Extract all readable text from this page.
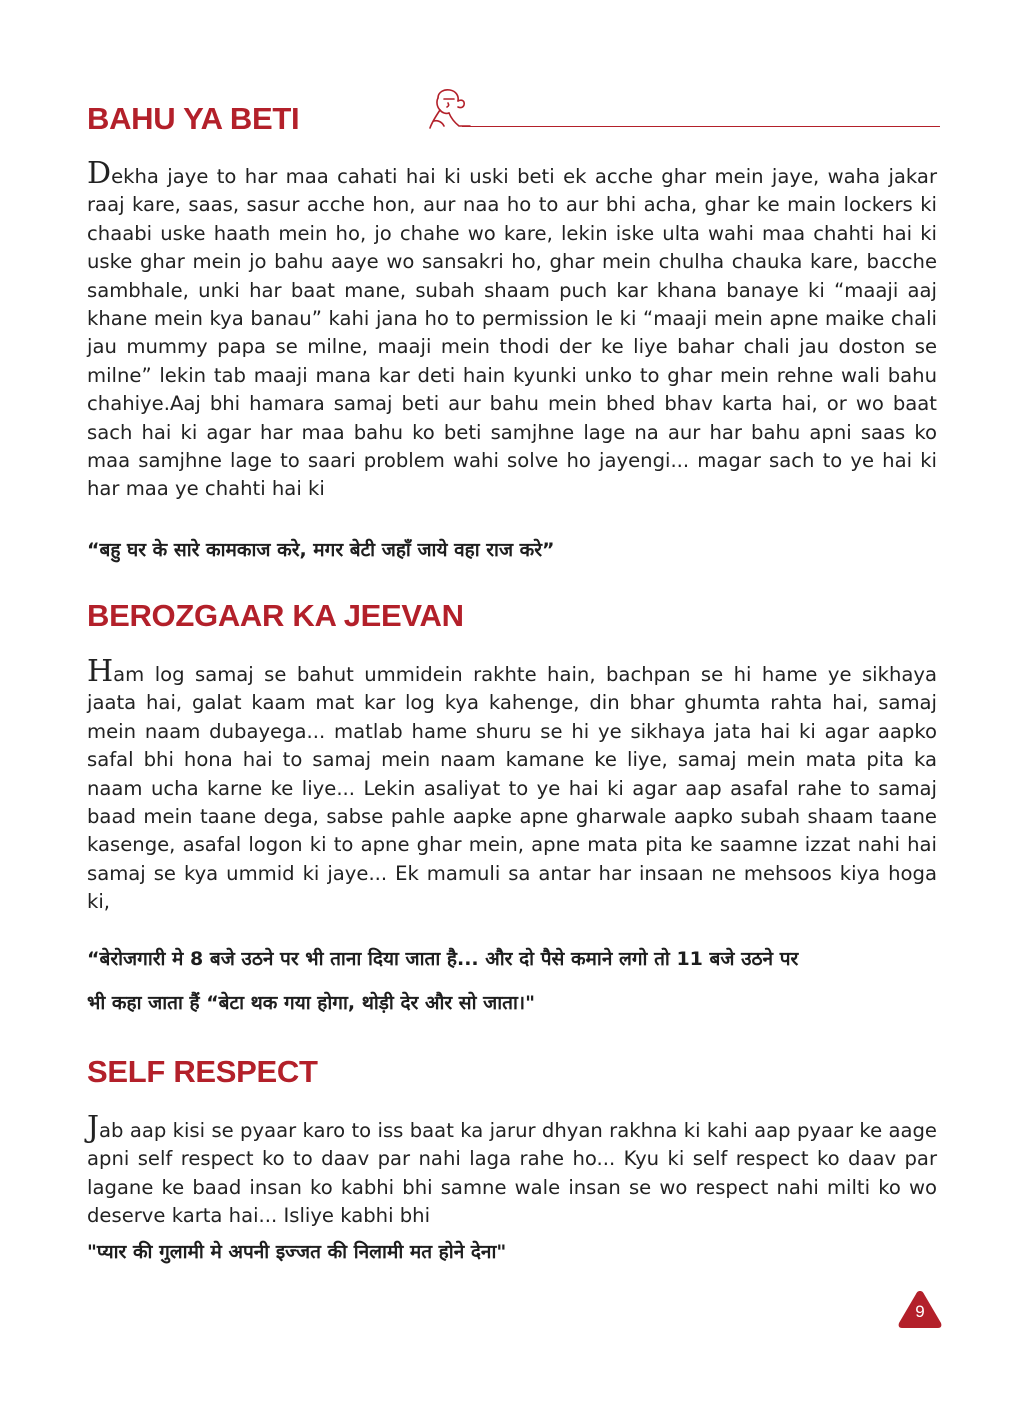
BAHU YA BETI

Dekha jaye to har maa cahati hai ki uski beti ek acche ghar mein jaye, waha jakar raaj kare, saas, sasur acche hon, aur naa ho to aur bhi acha, ghar ke main lockers ki chaabi uske haath mein ho, jo chahe wo kare, lekin iske ulta wahi maa chahti hai ki uske ghar mein jo bahu aaye wo sansakri ho, ghar mein chulha chauka kare, bacche sambhale, unki har baat mane, subah shaam puch kar khana banaye ki “maaji aaj khane mein kya banau” kahi jana ho to permission le ki “maaji mein apne maike chali jau mummy papa se milne, maaji mein thodi der ke liye bahar chali jau doston se milne” lekin tab maaji mana kar deti hain kyunki unko to ghar mein rehne wali bahu chahiye.Aaj bhi hamara samaj beti aur bahu mein bhed bhav karta hai, or wo baat sach hai ki agar har maa bahu ko beti samjhne lage na aur har bahu apni saas ko maa samjhne lage to saari problem wahi solve ho jayengi... magar sach to ye hai ki har maa ye chahti hai ki

“बहु घर के सारे कामकाज करे, मगर बेटी जहाँ जाये वहा राज करे”

BEROZGAAR KA JEEVAN

Ham log samaj se bahut ummidein rakhte hain, bachpan se hi hame ye sikhaya jaata hai, galat kaam mat kar log kya kahenge, din bhar ghumta rahta hai, samaj mein naam dubayega... matlab hame shuru se hi ye sikhaya jata hai ki agar aapko safal bhi hona hai to samaj mein naam kamane ke liye, samaj mein mata pita ka naam ucha karne ke liye... Lekin asaliyat to ye hai ki agar aap asafal rahe to samaj baad mein taane dega, sabse pahle aapke apne gharwale aapko subah shaam taane kasenge, asafal logon ki to apne ghar mein, apne mata pita ke saamne izzat nahi hai samaj se kya ummid ki jaye... Ek mamuli sa antar har insaan ne mehsoos kiya hoga ki,

“बेरोजगारी मे 8 बजे उठने पर भी ताना दिया जाता है... और दो पैसे कमाने लगो तो 11 बजे उठने पर

भी कहा जाता हैं “बेटा थक गया होगा, थोड़ी देर और सो जाता।"

SELF RESPECT

Jab aap kisi se pyaar karo to iss baat ka jarur dhyan rakhna ki kahi aap pyaar ke aage apni self respect ko to daav par nahi laga rahe ho... Kyu ki self respect ko daav par lagane ke baad insan ko kabhi bhi samne wale insan se wo respect nahi milti ko wo deserve karta hai... Isliye kabhi bhi

"प्यार की गुलामी मे अपनी इज्जत की निलामी मत होने देना"

9
